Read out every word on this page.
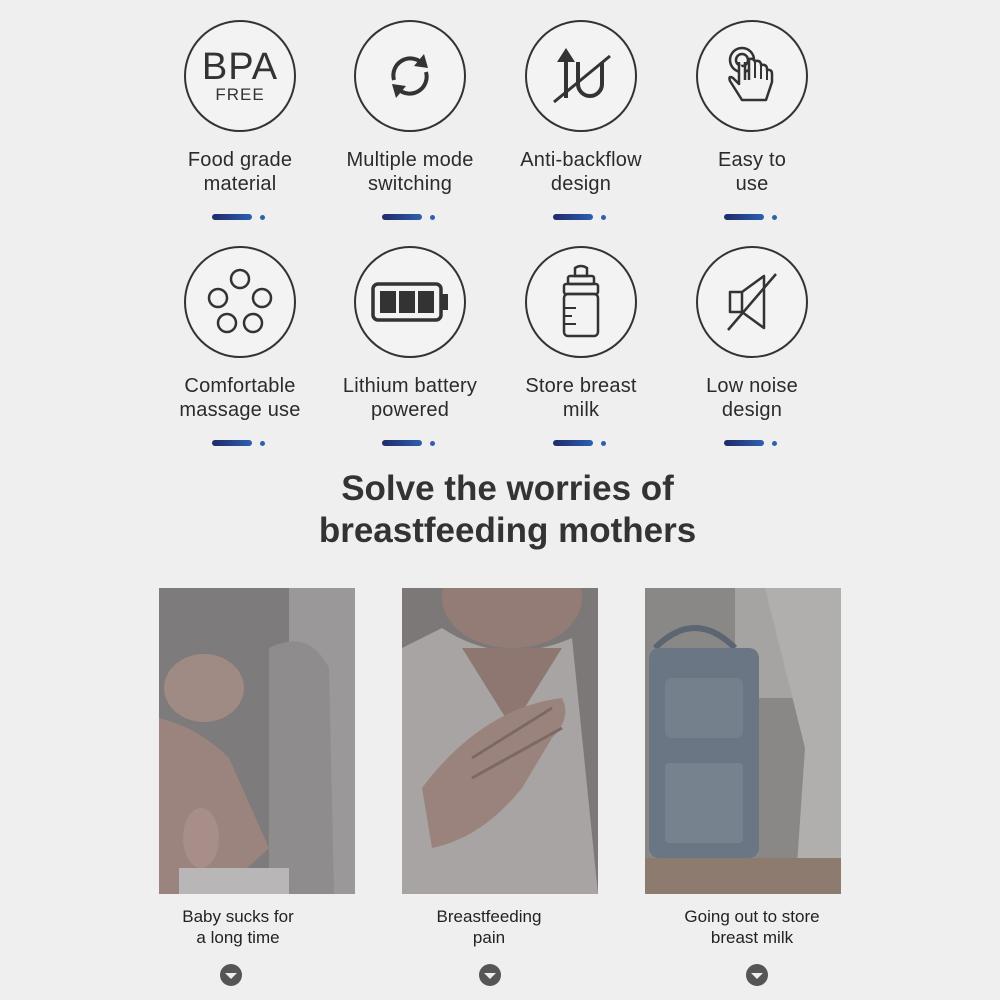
BPA
FREE
Food grade
material
Multiple mode
switching
Anti-backflow
design
Easy to
use
Comfortable
massage use
Lithium battery
powered
Store breast
milk
Low noise
design
Solve the worries of
breastfeeding mothers
Baby sucks for
a long time
Breastfeeding
pain
Going out to store
breast milk
